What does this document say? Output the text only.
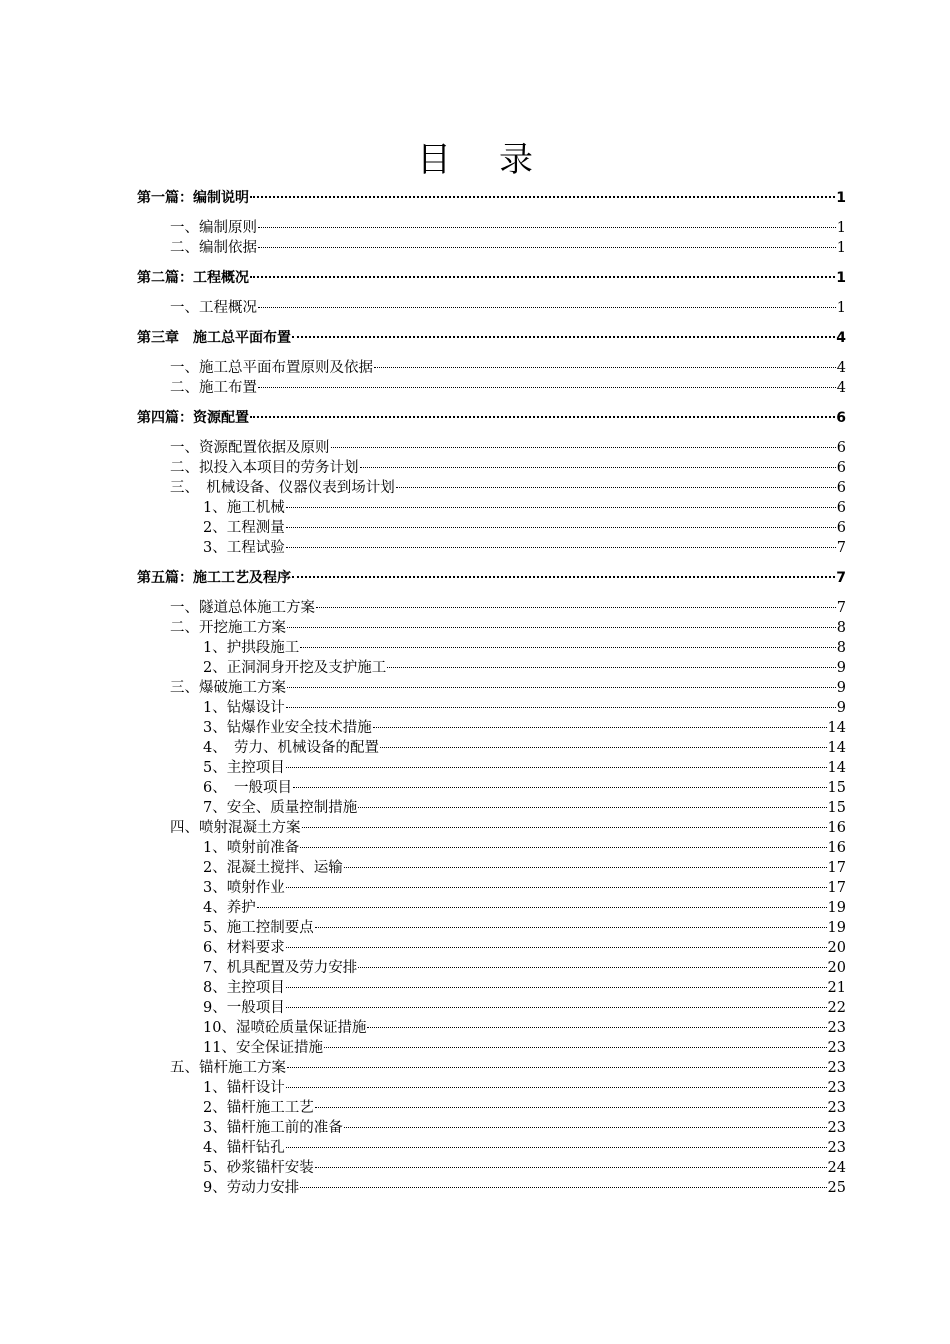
目 录
第一篇：编制说明	1
一、编制原则	1
二、编制依据	1
第二篇：工程概况	1
一、工程概况	1
第三章　施工总平面布置	4
一、施工总平面布置原则及依据	4
二、施工布置	4
第四篇：资源配置	6
一、资源配置依据及原则	6
二、拟投入本项目的劳务计划	6
三、　机械设备、仪器仪表到场计划	6
1、施工机械	6
2、工程测量	6
3、工程试验	7
第五篇：施工工艺及程序	7
一、隧道总体施工方案	7
二、开挖施工方案	8
1、护拱段施工	8
2、正洞洞身开挖及支护施工	9
三、爆破施工方案	9
1、钻爆设计	9
3、钻爆作业安全技术措施	14
4、　劳力、机械设备的配置	14
5、主控项目	14
6、　一般项目	15
7、安全、质量控制措施	15
四、喷射混凝土方案	16
1、喷射前准备	16
2、混凝土搅拌、运输	17
3、喷射作业	17
4、养护	19
5、施工控制要点	19
6、材料要求	20
7、机具配置及劳力安排	20
8、主控项目	21
9、一般项目	22
10、湿喷砼质量保证措施	23
11、安全保证措施	23
五、锚杆施工方案	23
1、锚杆设计	23
2、锚杆施工工艺	23
3、锚杆施工前的准备	23
4、锚杆钻孔	23
5、砂浆锚杆安装	24
9、劳动力安排	25
